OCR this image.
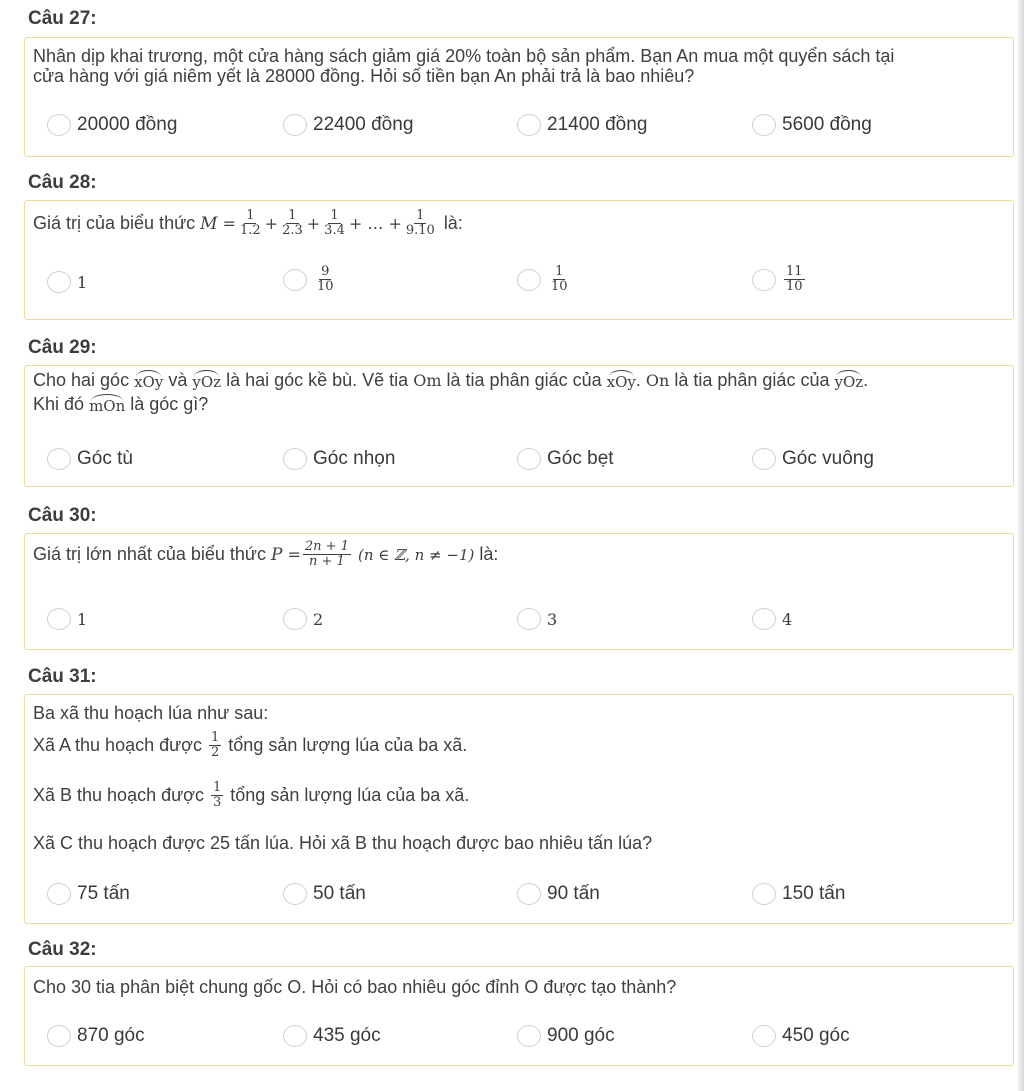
Câu 27:
Nhân dịp khai trương, một cửa hàng sách giảm giá 20% toàn bộ sản phẩm. Bạn An mua một quyển sách tại
cửa hàng với giá niêm yết là 28000 đồng. Hỏi số tiền bạn An phải trả là bao nhiêu?
20000 đồng	22400 đồng	21400 đồng	5600 đồng
Câu 28:
Giá trị của biểu thức
M
= $\frac{1}{1.2} + \frac{1}{2.3} + \frac{1}{3.4}$ + … + $\frac{1}{9.10}$
là:
1	$\frac{9}{10}$	$\frac{1}{10}$	$\frac{11}{10}$
Câu 29:
Cho hai góc
xOy
và
yOz
là hai góc kề bù. Vẽ tia
Om
là tia phân giác của
xOy .
On
là tia phân giác của
yOz .
Khi đó
mOn
là góc gì?
Góc tù	Góc nhọn	Góc bẹt	Góc vuông
Câu 30:
Giá trị lớn nhất của biểu thức
P
= $\frac{2n + 1}{n + 1}$
(n ∈ ℤ, n ≠ −1)
là:
1	2	3	4
Câu 31:
Ba xã thu hoạch lúa như sau:
Xã A thu hoạch được
$\frac{1}{2}$
tổng sản lượng lúa của ba xã.
Xã B thu hoạch được
$\frac{1}{3}$
tổng sản lượng lúa của ba xã.
Xã C thu hoạch được 25 tấn lúa. Hỏi xã B thu hoạch được bao nhiêu tấn lúa?
75 tấn	50 tấn	90 tấn	150 tấn
Câu 32:
Cho 30 tia phân biệt chung gốc O. Hỏi có bao nhiêu góc đỉnh O được tạo thành?
870 góc	435 góc	900 góc	450 góc
